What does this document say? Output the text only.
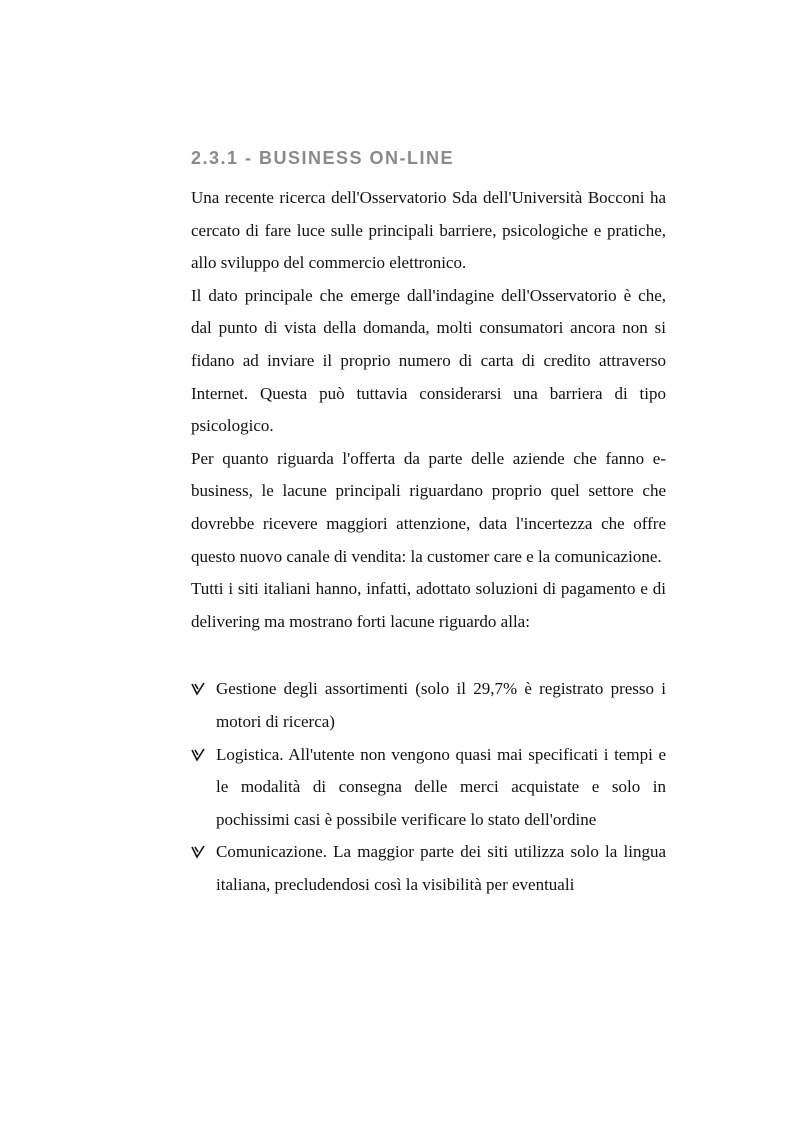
2.3.1 - BUSINESS ON-LINE

Una recente ricerca dell'Osservatorio Sda dell'Università Bocconi ha cercato di fare luce sulle principali barriere, psicologiche e pratiche, allo sviluppo del commercio elettronico.

Il dato principale che emerge dall'indagine dell'Osservatorio è che, dal punto di vista della domanda, molti consumatori ancora non si fidano ad inviare il proprio numero di carta di credito attraverso Internet. Questa può tuttavia considerarsi una barriera di tipo psicologico.

Per quanto riguarda l'offerta da parte delle aziende che fanno e-business, le lacune principali riguardano proprio quel settore che dovrebbe ricevere maggiori attenzione, data l'incertezza che offre questo nuovo canale di vendita: la customer care e la comunicazione.

Tutti i siti italiani hanno, infatti, adottato soluzioni di pagamento e di delivering ma mostrano forti lacune riguardo alla:

Gestione degli assortimenti (solo il 29,7% è registrato presso i motori di ricerca)
Logistica. All'utente non vengono quasi mai specificati i tempi e le modalità di consegna delle merci acquistate e solo in pochissimi casi è possibile verificare lo stato dell'ordine
Comunicazione. La maggior parte dei siti utilizza solo la lingua italiana, precludendosi così la visibilità per eventuali
